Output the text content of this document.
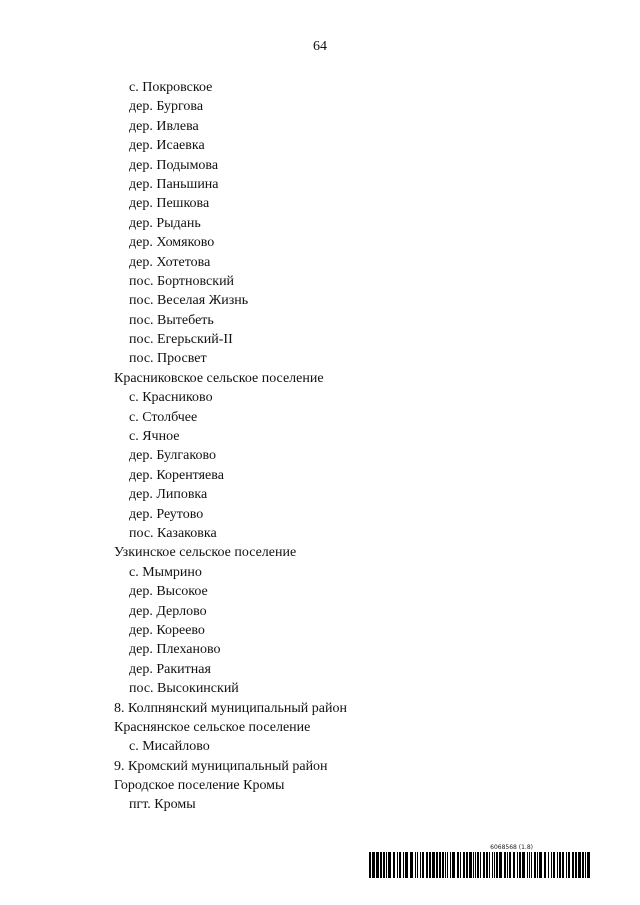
64
с. Покровское
дер. Бургова
дер. Ивлева
дер. Исаевка
дер. Подымова
дер. Паньшина
дер. Пешкова
дер. Рыдань
дер. Хомяково
дер. Хотетова
пос. Бортновский
пос. Веселая Жизнь
пос. Вытебеть
пос. Егерьский-II
пос. Просвет
Красниковское сельское поселение
с. Красниково
с. Столбчее
с. Ячное
дер. Булгаково
дер. Корентяева
дер. Липовка
дер. Реутово
пос. Казаковка
Узкинское сельское поселение
с. Мымрино
дер. Высокое
дер. Дерлово
дер. Кореево
дер. Плеханово
дер. Ракитная
пос. Высокинский
8. Колпнянский муниципальный район
Краснянское сельское поселение
с. Мисайлово
9. Кромский муниципальный район
Городское поселение Кромы
пгт. Кромы
6068568 (1.8)
